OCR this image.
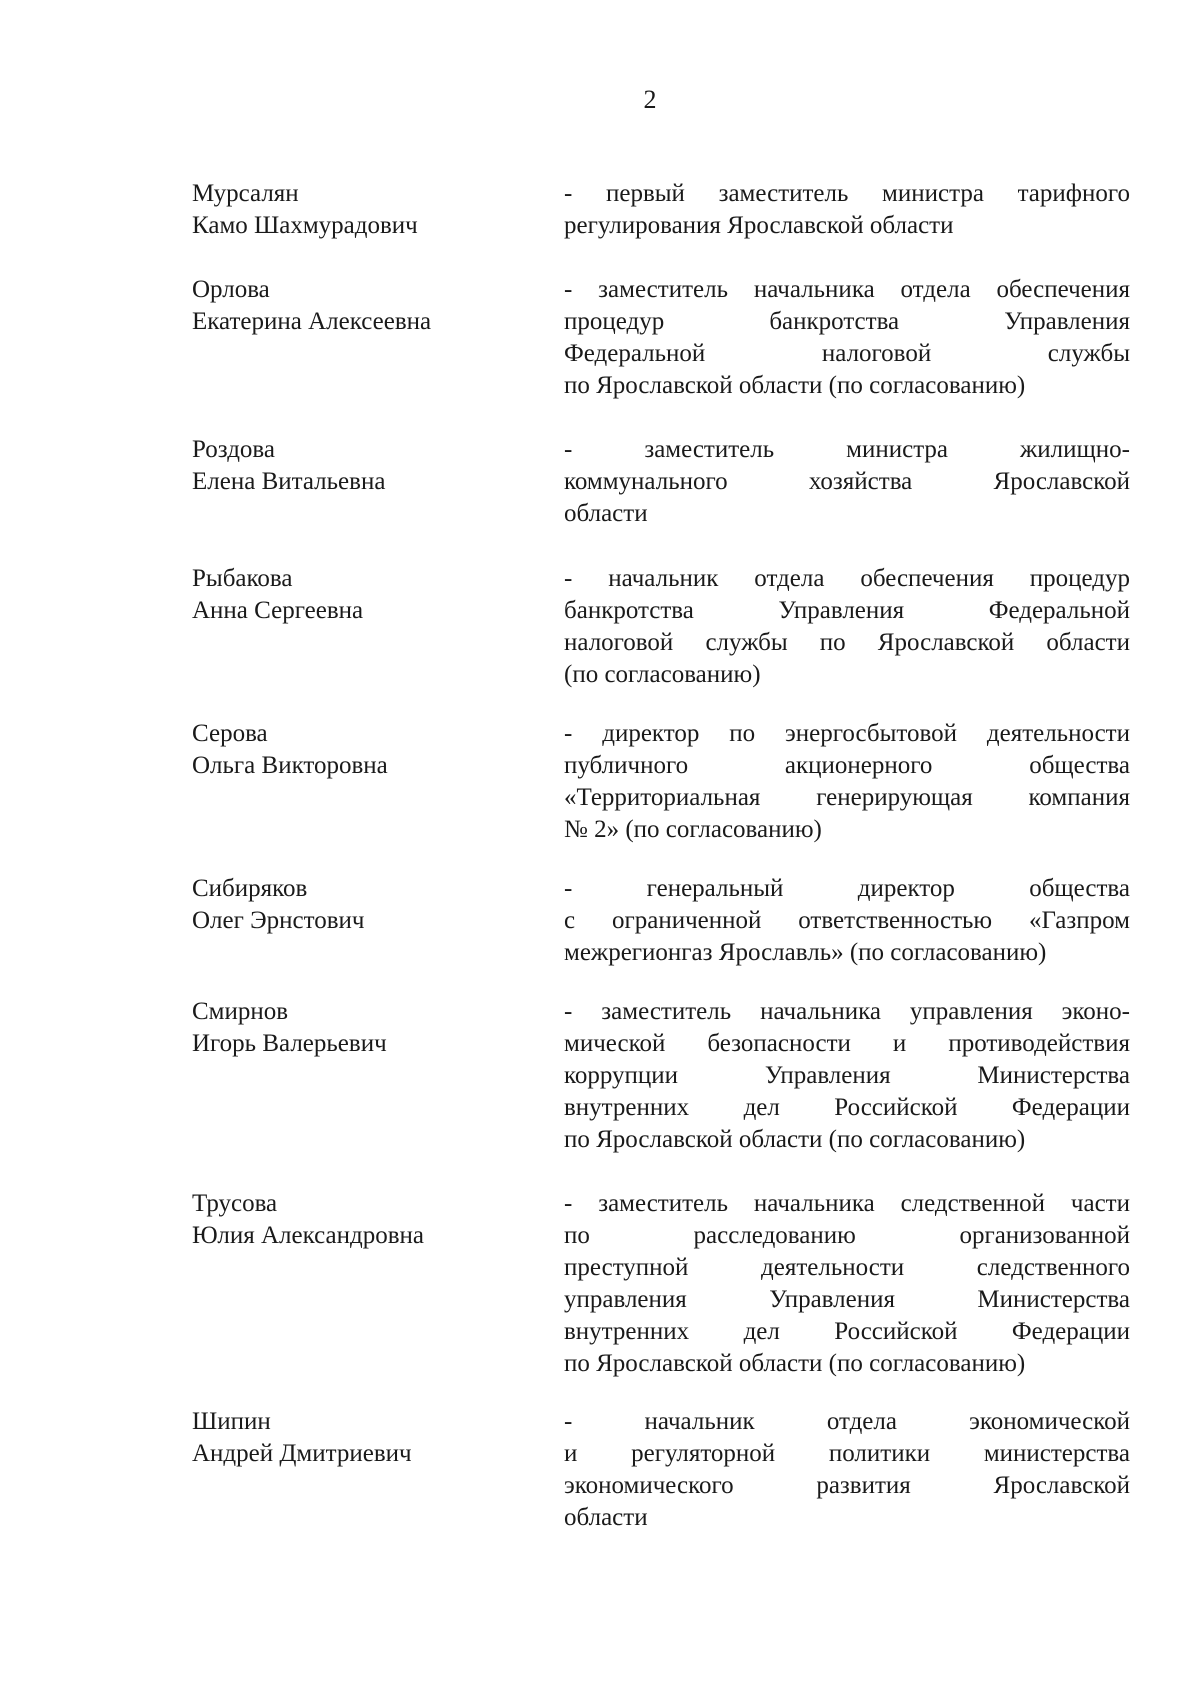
2
Мурсалян
Камо Шахмурадович
- первый заместитель министра тарифного
регулирования Ярославской области
Орлова
Екатерина Алексеевна
- заместитель начальника отдела обеспечения
процедур банкротства Управления
Федеральной налоговой службы
по Ярославской области (по согласованию)
Роздова
Елена Витальевна
- заместитель министра жилищно-
коммунального хозяйства Ярославской
области
Рыбакова
Анна Сергеевна
- начальник отдела обеспечения процедур
банкротства Управления Федеральной
налоговой службы по Ярославской области
(по согласованию)
Серова
Ольга Викторовна
- директор по энергосбытовой деятельности
публичного акционерного общества
«Территориальная генерирующая компания
№ 2» (по согласованию)
Сибиряков
Олег Эрнстович
- генеральный директор общества
с ограниченной ответственностью «Газпром
межрегионгаз Ярославль» (по согласованию)
Смирнов
Игорь Валерьевич
- заместитель начальника управления эконо-
мической безопасности и противодействия
коррупции Управления Министерства
внутренних дел Российской Федерации
по Ярославской области (по согласованию)
Трусова
Юлия Александровна
- заместитель начальника следственной части
по расследованию организованной
преступной деятельности следственного
управления Управления Министерства
внутренних дел Российской Федерации
по Ярославской области (по согласованию)
Шипин
Андрей Дмитриевич
- начальник отдела экономической
и регуляторной политики министерства
экономического развития Ярославской
области
